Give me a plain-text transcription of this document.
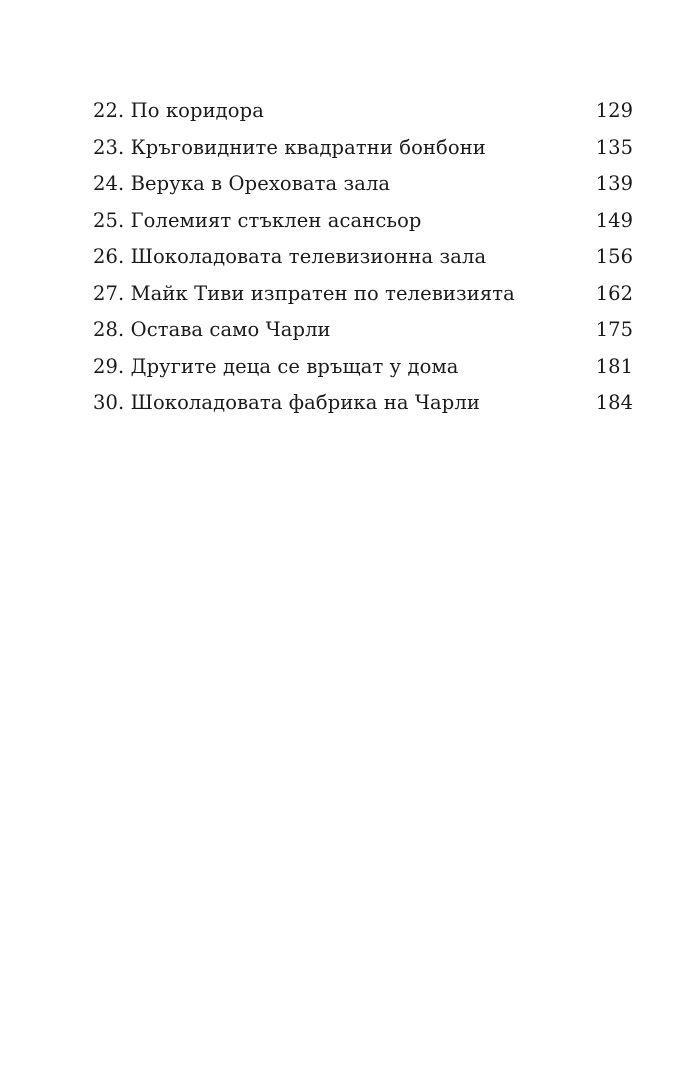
22. По коридора	129
23. Кръговидните квадратни бонбони	135
24. Верука в Ореховата зала	139
25. Големият стъклен асансьор	149
26. Шоколадовата телевизионна зала	156
27. Майк Тиви изпратен по телевизията	162
28. Остава само Чарли	175
29. Другите деца се връщат у дома	181
30. Шоколадовата фабрика на Чарли	184
